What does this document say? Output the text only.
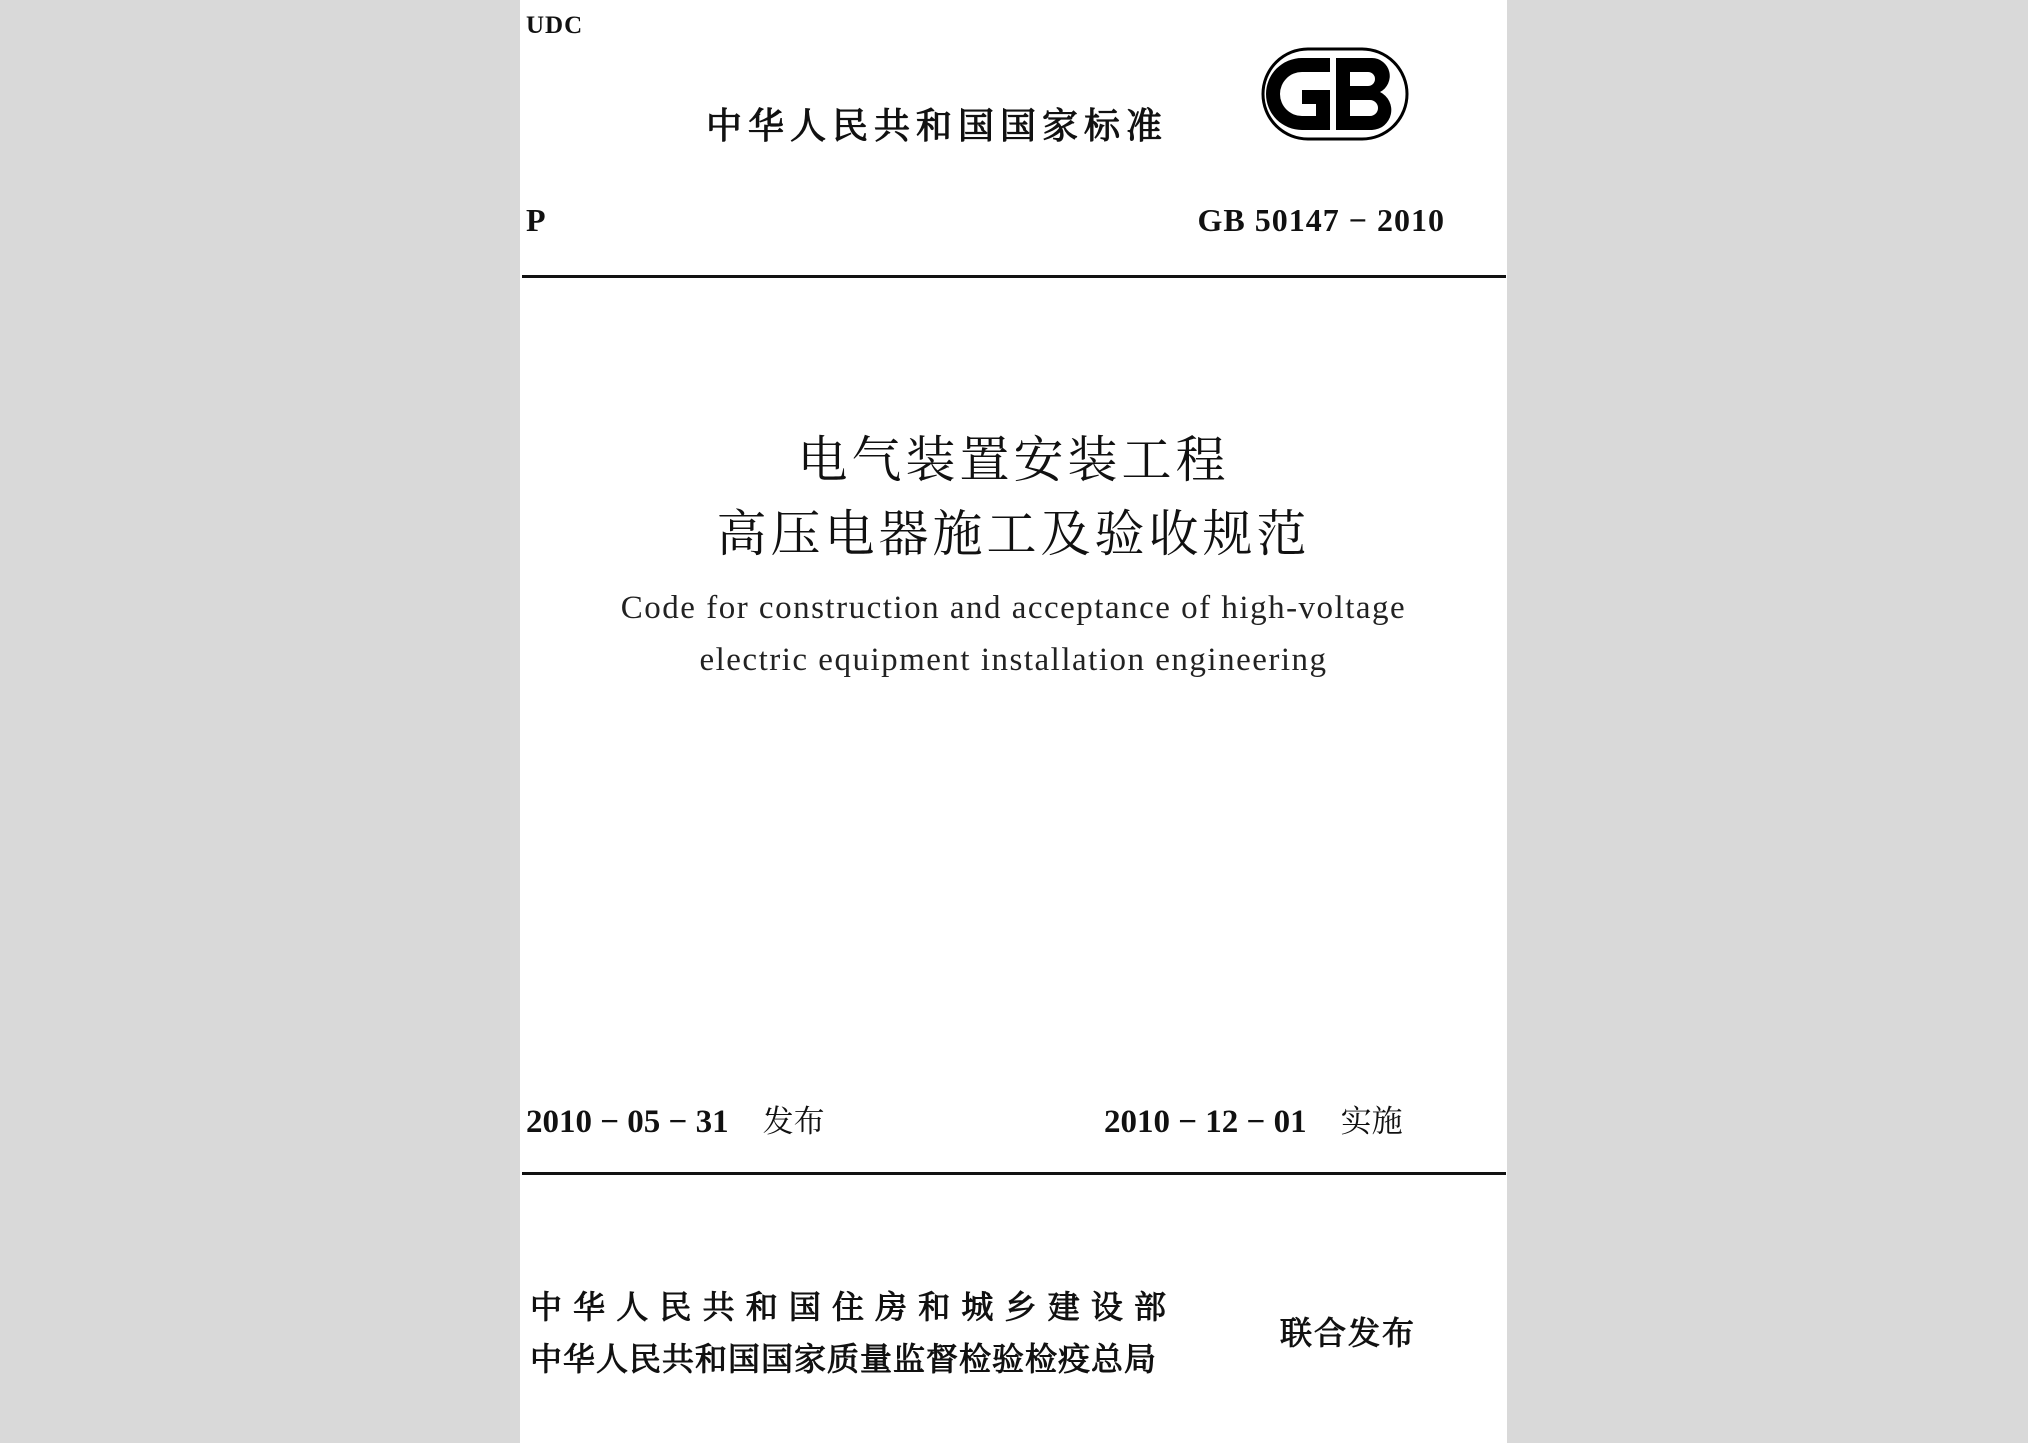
UDC
中华人民共和国国家标准
P	GB 50147 − 2010
电气装置安装工程
高压电器施工及验收规范
Code for construction and acceptance of high-voltage
electric equipment installation engineering
2010 − 05 − 31 发布	2010 − 12 − 01 实施
中 华 人 民 共 和 国 住 房 和 城 乡 建 设 部
中华人民共和国国家质量监督检验检疫总局
联合发布
